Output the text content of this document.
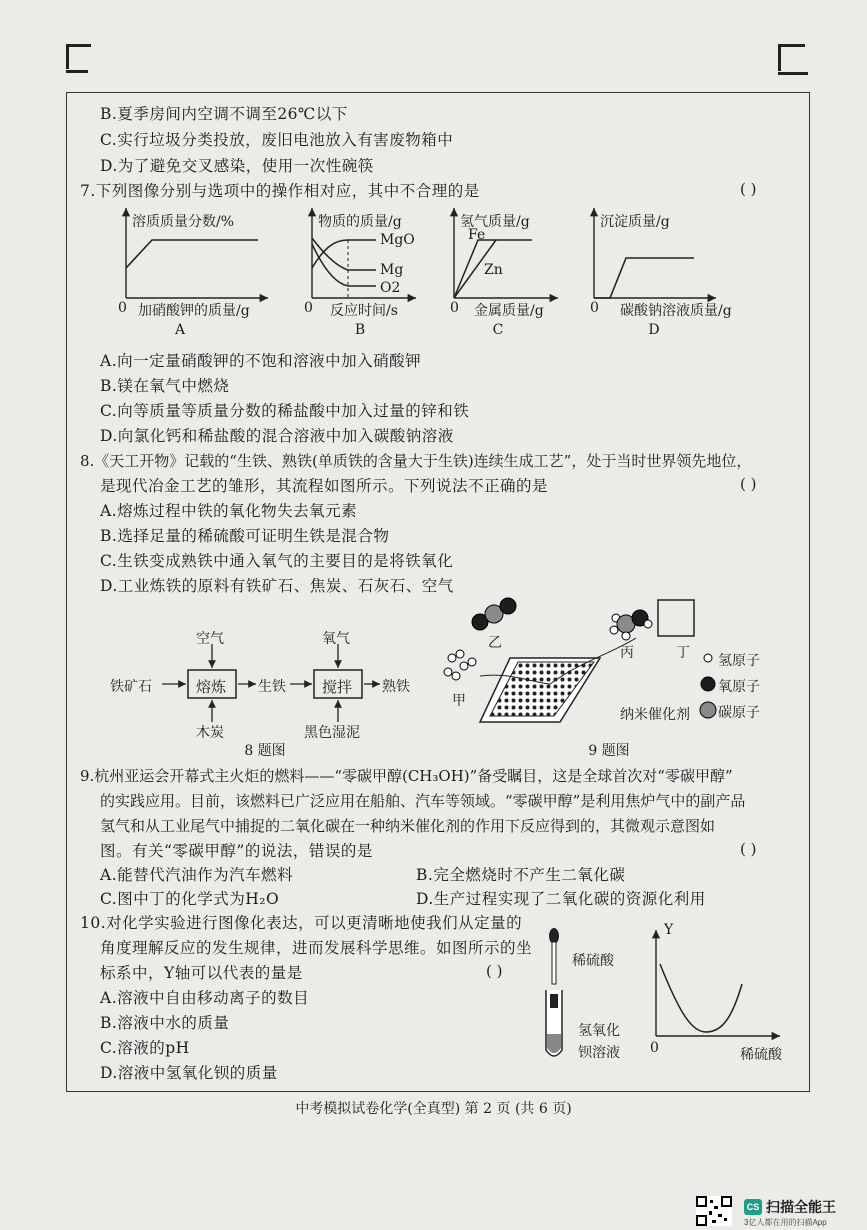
B.夏季房间内空调不调至26℃以下
C.实行垃圾分类投放，废旧电池放入有害废物箱中
D.为了避免交叉感染，使用一次性碗筷
7.下列图像分别与选项中的操作相对应，其中不合理的是	( )
溶质质量分数/%
0 加硝酸钾的质量/g
A
物质的质量/g
MgO
Mg
O2
0 反应时间/s
B
氢气质量/g
Fe
Zn
0 金属质量/g
C
沉淀质量/g
0 碳酸钠溶液质量/g
D
A.向一定量硝酸钾的不饱和溶液中加入硝酸钾
B.镁在氧气中燃烧
C.向等质量等质量分数的稀盐酸中加入过量的锌和铁
D.向氯化钙和稀盐酸的混合溶液中加入碳酸钠溶液
8.《天工开物》记载的“生铁、熟铁(单质铁的含量大于生铁)连续生成工艺”，处于当时世界领先地位，
是现代冶金工艺的雏形，其流程如图所示。下列说法不正确的是	( )
A.熔炼过程中铁的氧化物失去氧元素
B.选择足量的稀硫酸可证明生铁是混合物
C.生铁变成熟铁中通入氧气的主要目的是将铁氧化
D.工业炼铁的原料有铁矿石、焦炭、石灰石、空气
空气	氧气
铁矿石	熔炼 生铁 搅拌 熟铁
木炭	黑色湿泥
8 题图
乙
甲
丙	丁
纳米催化剂
氢原子
氧原子
碳原子
9 题图
9.杭州亚运会开幕式主火炬的燃料——“零碳甲醇(CH₃OH)”备受瞩目，这是全球首次对“零碳甲醇”
的实践应用。目前，该燃料已广泛应用在船舶、汽车等领域。“零碳甲醇”是利用焦炉气中的副产品
氢气和从工业尾气中捕捉的二氧化碳在一种纳米催化剂的作用下反应得到的，其微观示意图如
图。有关“零碳甲醇”的说法，错误的是	( )
A.能替代汽油作为汽车燃料	B.完全燃烧时不产生二氧化碳
C.图中丁的化学式为H₂O	D.生产过程实现了二氧化碳的资源化利用
10.对化学实验进行图像化表达，可以更清晰地使我们从定量的
角度理解反应的发生规律，进而发展科学思维。如图所示的坐
标系中，Y轴可以代表的量是	( )
A.溶液中自由移动离子的数目
B.溶液中水的质量
C.溶液的pH
D.溶液中氢氧化钡的质量
稀硫酸
氢氧化
钡溶液
Y
0	稀硫酸
中考模拟试卷化学(全真型) 第 2 页 (共 6 页)
CS 扫描全能王
3亿人都在用的扫描App
